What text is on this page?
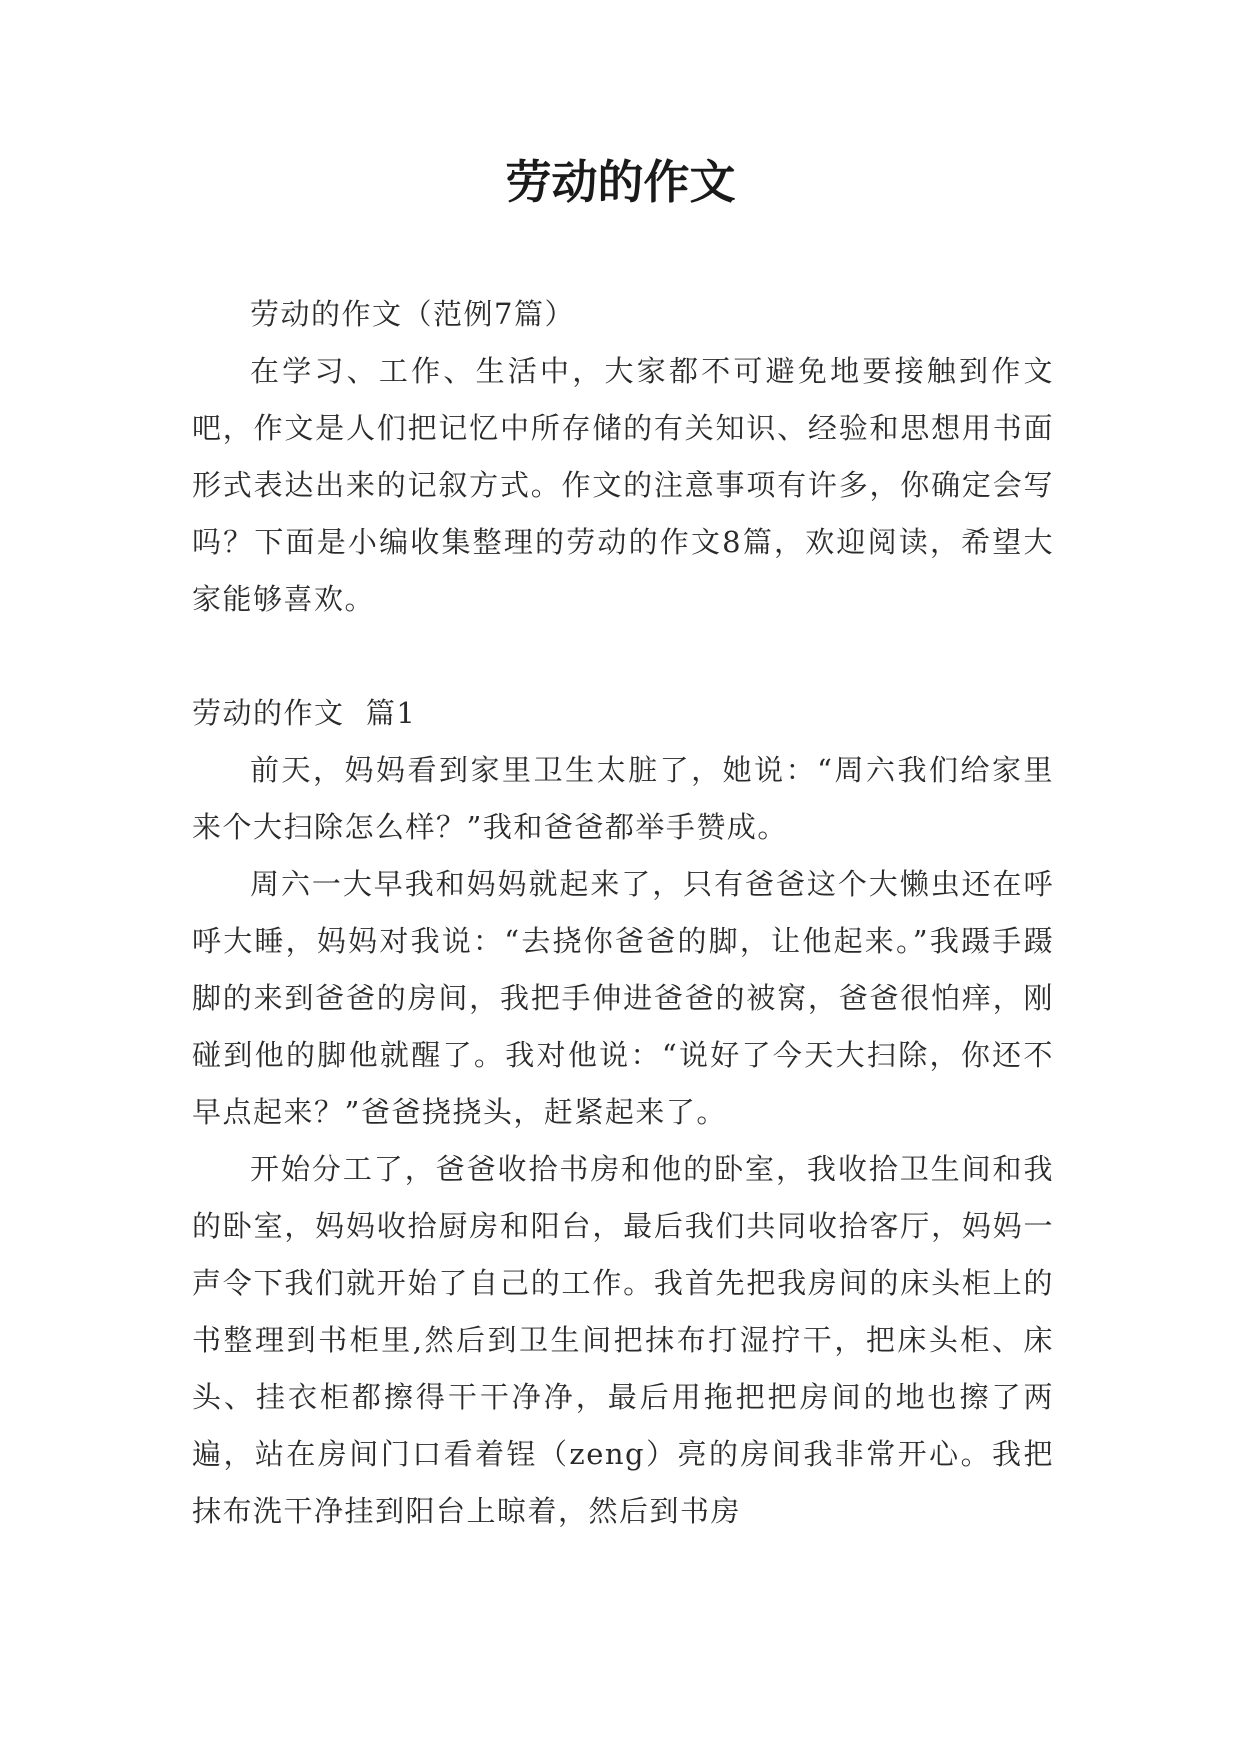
劳动的作文

劳动的作文（范例7篇）

在学习、工作、生活中，大家都不可避免地要接触到作文吧，作文是人们把记忆中所存储的有关知识、经验和思想用书面形式表达出来的记叙方式。作文的注意事项有许多，你确定会写吗？下面是小编收集整理的劳动的作文8篇，欢迎阅读，希望大家能够喜欢。

劳动的作文  篇1

前天，妈妈看到家里卫生太脏了，她说：“周六我们给家里来个大扫除怎么样？”我和爸爸都举手赞成。

周六一大早我和妈妈就起来了，只有爸爸这个大懒虫还在呼呼大睡，妈妈对我说：“去挠你爸爸的脚，让他起来。”我蹑手蹑脚的来到爸爸的房间，我把手伸进爸爸的被窝，爸爸很怕痒，刚碰到他的脚他就醒了。我对他说：“说好了今天大扫除，你还不早点起来？”爸爸挠挠头，赶紧起来了。

开始分工了，爸爸收拾书房和他的卧室，我收拾卫生间和我的卧室，妈妈收拾厨房和阳台，最后我们共同收拾客厅，妈妈一声令下我们就开始了自己的工作。我首先把我房间的床头柜上的书整理到书柜里,然后到卫生间把抹布打湿拧干，把床头柜、床头、挂衣柜都擦得干干净净，最后用拖把把房间的地也擦了两遍，站在房间门口看着锃（zeng）亮的房间我非常开心。我把抹布洗干净挂到阳台上晾着，然后到书房
